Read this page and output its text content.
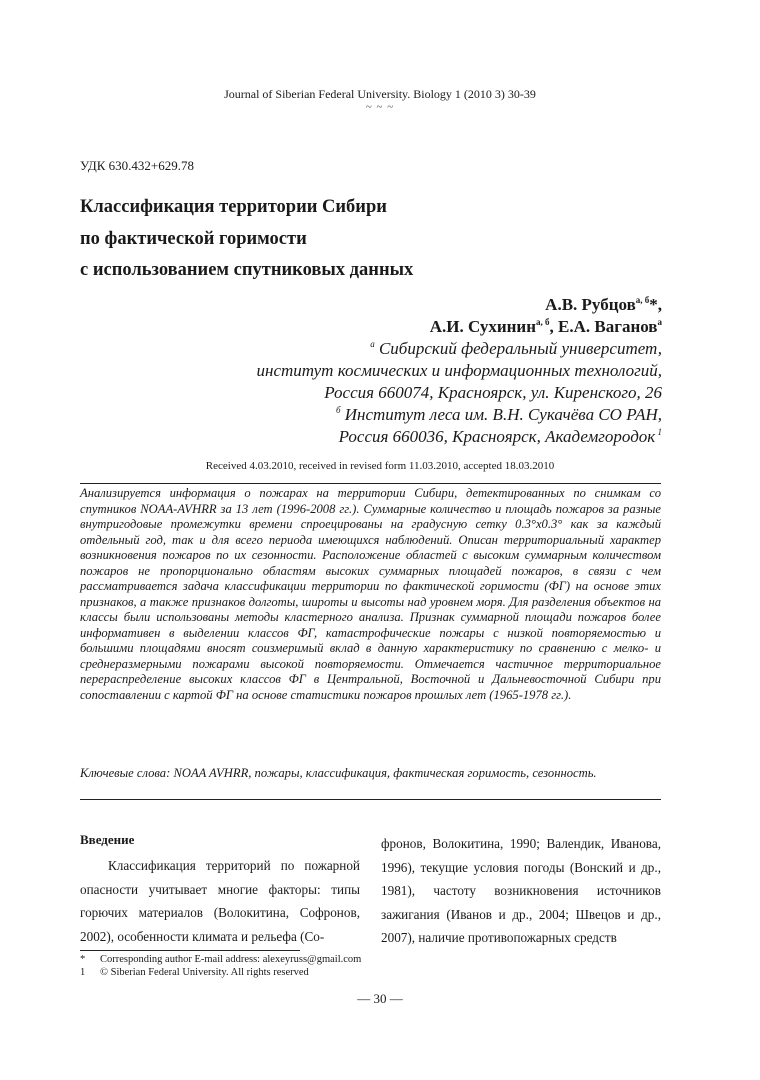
Journal of Siberian Federal University. Biology 1 (2010 3) 30-39
~ ~ ~
УДК 630.432+629.78
Классификация территории Сибири
по фактической горимости
с использованием спутниковых данных
А.В. Рубцов$^{а, б}$*,
А.И. Сухинин$^{а, б}$, Е.А. Ваганов$^а$
$^а$ Сибирский федеральный университет,
институт космических и информационных технологий,
Россия 660074, Красноярск, ул. Киренского, 26
$^б$ Институт леса им. В.Н. Сукачёва СО РАН,
Россия 660036, Красноярск, Академгородок $^1$
Received 4.03.2010, received in revised form 11.03.2010, accepted 18.03.2010
Анализируется информация о пожарах на территории Сибири, детектированных по снимкам со спутников NOAA-AVHRR за 13 лет (1996-2008 гг.). Суммарные количество и площадь пожаров за разные внутригодовые промежутки времени спроецированы на градусную сетку 0.3°x0.3° как за каждый отдельный год, так и для всего периода имеющихся наблюдений. Описан территориальный характер возникновения пожаров по их сезонности. Расположение областей с высоким суммарным количеством пожаров не пропорционально областям высоких суммарных площадей пожаров, в связи с чем рассматривается задача классификации территории по фактической горимости (ФГ) на основе этих признаков, а также признаков долготы, широты и высоты над уровнем моря. Для разделения объектов на классы были использованы методы кластерного анализа. Признак суммарной площади пожаров более информативен в выделении классов ФГ, катастрофические пожары с низкой повторяемостью и большими площадями вносят соизмеримый вклад в данную характеристику по сравнению с мелко- и среднеразмерными пожарами высокой повторяемости. Отмечается частичное территориальное перераспределение высоких классов ФГ в Центральной, Восточной и Дальневосточной Сибири при сопоставлении с картой ФГ на основе статистики пожаров прошлых лет (1965-1978 гг.).
Ключевые слова: NOAA AVHRR, пожары, классификация, фактическая горимость, сезонность.
Введение
Классификация территорий по пожарной опасности учитывает многие факторы: типы горючих материалов (Волокитина, Софронов, 2002), особенности климата и рельефа (Со-
фронов, Волокитина, 1990; Валендик, Иванова, 1996), текущие условия погоды (Вонский и др., 1981), частоту возникновения источников зажигания (Иванов и др., 2004; Швецов и др., 2007), наличие противопожарных средств
* Corresponding author E-mail address: alexeyruss@gmail.com
1 © Siberian Federal University. All rights reserved
— 30 —
